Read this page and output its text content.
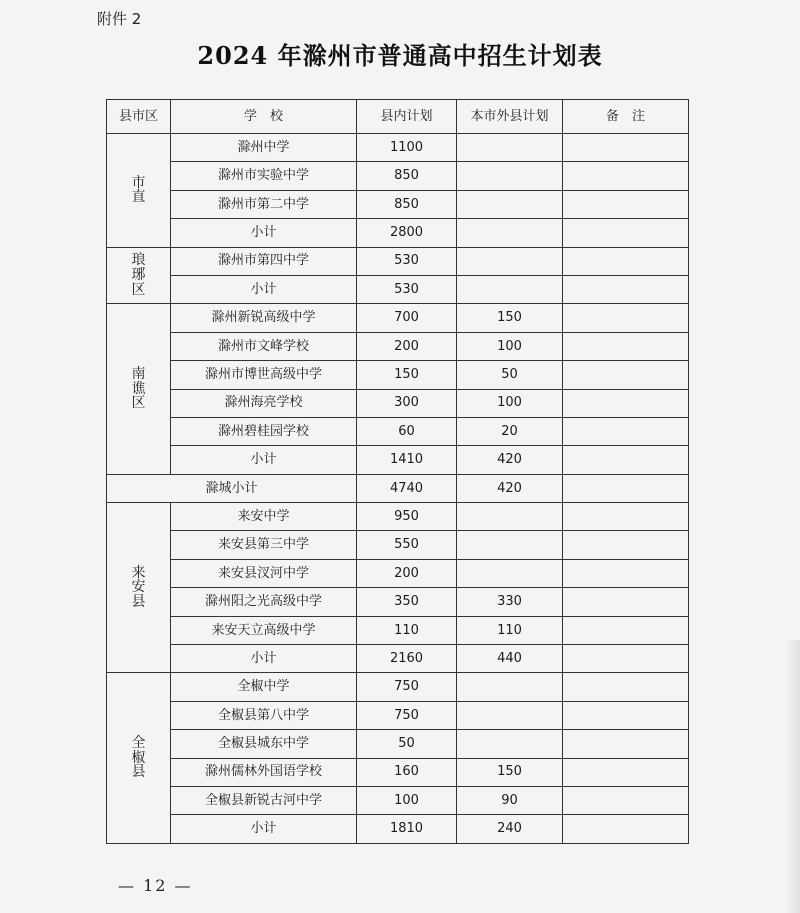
附件 2
2024 年滁州市普通高中招生计划表
县市区	学　校	县内计划	本市外县计划	备　注

市
直	滁州中学	1100		
	滁州市实验中学	850		
	滁州市第二中学	850		
	小计	2800		

琅
琊
区	滁州市第四中学	530		
	小计	530		

南
谯
区	滁州新锐高级中学	700	150	
	滁州市文峰学校	200	100	
	滁州市博世高级中学	150	50	
	滁州海亮学校	300	100	
	滁州碧桂园学校	60	20	
	小计	1410	420	
滁城小计		4740	420	

来
安
县	来安中学	950		
	来安县第三中学	550		
	来安县汊河中学	200		
	滁州阳之光高级中学	350	330	
	来安天立高级中学	110	110	
	小计	2160	440	

全
椒
县	全椒中学	750		
	全椒县第八中学	750		
	全椒县城东中学	50		
	滁州儒林外国语学校	160	150	
	全椒县新锐古河中学	100	90	
	小计	1810	240	
— 12 —
